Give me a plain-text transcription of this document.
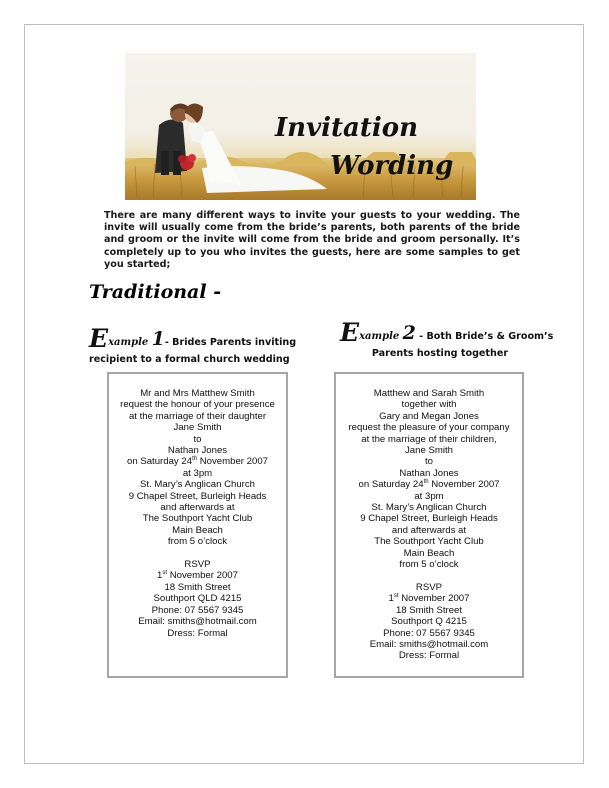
Invitation
Wording
There are many different ways to invite your guests to your wedding. The invite will usually come from the bride’s parents, both parents of the bride and groom or the invite will come from the bride and groom personally. It’s completely up to you who invites the guests, here are some samples to get you started;
Traditional -
Example 1- Brides Parents inviting
recipient to a formal church wedding
Example 2 - Both Bride’s & Groom’s
Parents hosting together
Mr and Mrs Matthew Smith
request the honour of your presence
at the marriage of their daughter
Jane Smith
to
Nathan Jones
on Saturday 24th November 2007
at 3pm
St. Mary’s Anglican Church
9 Chapel Street, Burleigh Heads
and afterwards at
The Southport Yacht Club
Main Beach
from 5 o’clock
RSVP
1st November 2007
18 Smith Street
Southport QLD 4215
Phone: 07 5567 9345
Email: smiths@hotmail.com
Dress: Formal
Matthew and Sarah Smith
together with
Gary and Megan Jones
request the pleasure of your company
at the marriage of their children,
Jane Smith
to
Nathan Jones
on Saturday 24th November 2007
at 3pm
St. Mary’s Anglican Church
9 Chapel Street, Burleigh Heads
and afterwards at
The Southport Yacht Club
Main Beach
from 5 o’clock
RSVP
1st November 2007
18 Smith Street
Southport Q 4215
Phone: 07 5567 9345
Email: smiths@hotmail.com
Dress: Formal
